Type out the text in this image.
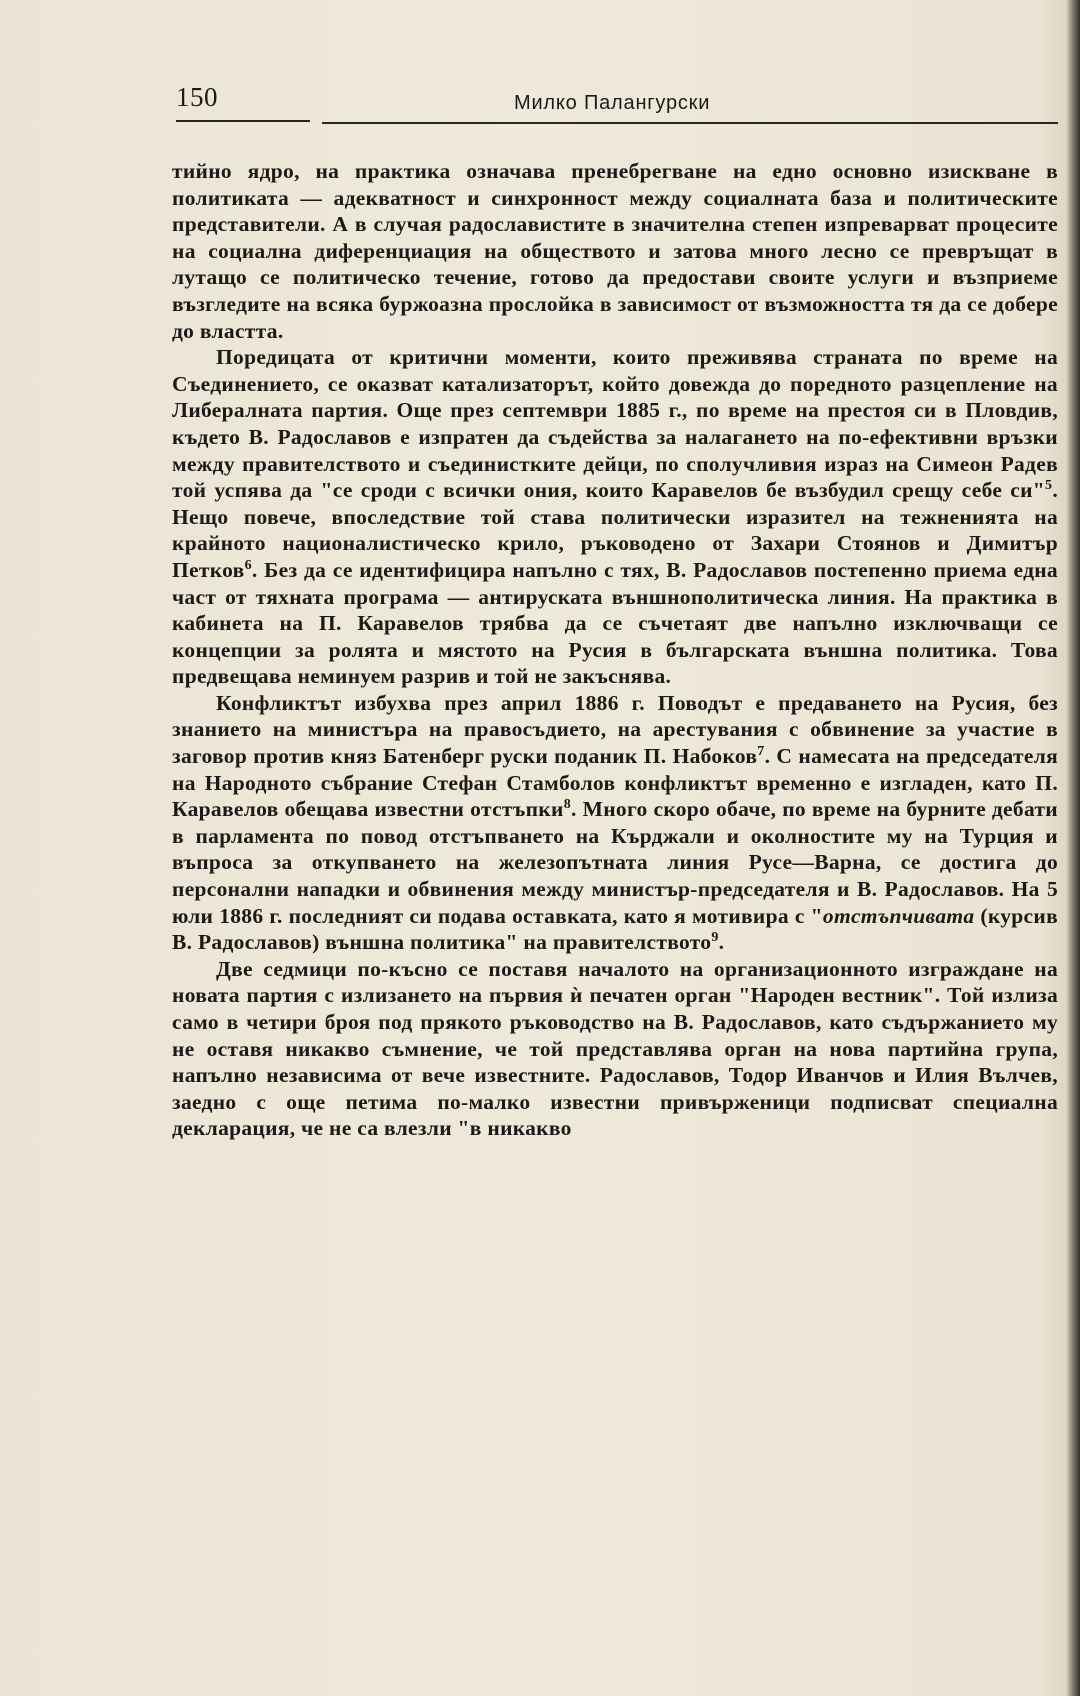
150	Милко Палангурски

тийно ядро, на практика означава пренебрегване на едно основно изискване в политиката — адекватност и синхронност между социалната база и политическите представители. А в случая радославистите в значителна степен изпреварват процесите на социална диференциация на обществото и затова много лесно се превръщат в лутащо се политическо течение, готово да предостави своите услуги и възприеме възгледите на всяка буржоазна прослойка в зависимост от възможността тя да се добере до властта.

Поредицата от критични моменти, които преживява страната по време на Съединението, се оказват катализаторът, който довежда до поредното разцепление на Либералната партия. Още през септември 1885 г., по време на престоя си в Пловдив, където В. Радославов е изпратен да съдейства за налагането на по-ефективни връзки между правителството и съединистките дейци, по сполучливия израз на Симеон Радев той успява да "се сроди с всички ония, които Каравелов бе възбудил срещу себе си"$^5$. Нещо повече, впоследствие той става политически изразител на тежненията на крайното националистическо крило, ръководено от Захари Стоянов и Димитър Петков$^6$. Без да се идентифицира напълно с тях, В. Радославов постепенно приема една част от тяхната програма — антируската външнополитическа линия. На практика в кабинета на П. Каравелов трябва да се съчетаят две напълно изключващи се концепции за ролята и мястото на Русия в българската външна политика. Това предвещава неминуем разрив и той не закъснява.

Конфликтът избухва през април 1886 г. Поводът е предаването на Русия, без знанието на министъра на правосъдието, на арестувания с обвинение за участие в заговор против княз Батенберг руски поданик П. Набоков$^7$. С намесата на председателя на Народното събрание Стефан Стамболов конфликтът временно е изгладен, като П. Каравелов обещава известни отстъпки$^8$. Много скоро обаче, по време на бурните дебати в парламента по повод отстъпването на Кърджали и околностите му на Турция и въпроса за откупването на железопътната линия Русе—Варна, се достига до персонални нападки и обвинения между министър-председателя и В. Радославов. На 5 юли 1886 г. последният си подава оставката, като я мотивира с "отстъпчивата (курсив В. Радославов) външна политика" на правителството$^9$.

Две седмици по-късно се поставя началото на организационното изграждане на новата партия с излизането на първия ѝ печатен орган "Народен вестник". Той излиза само в четири броя под прякото ръководство на В. Радославов, като съдържанието му не оставя никакво съмнение, че той представлява орган на нова партийна група, напълно независима от вече известните. Радославов, Тодор Иванчов и Илия Вълчев, заедно с още петима по-малко известни привърженици подписват специална декларация, че не са влезли "в никакво
